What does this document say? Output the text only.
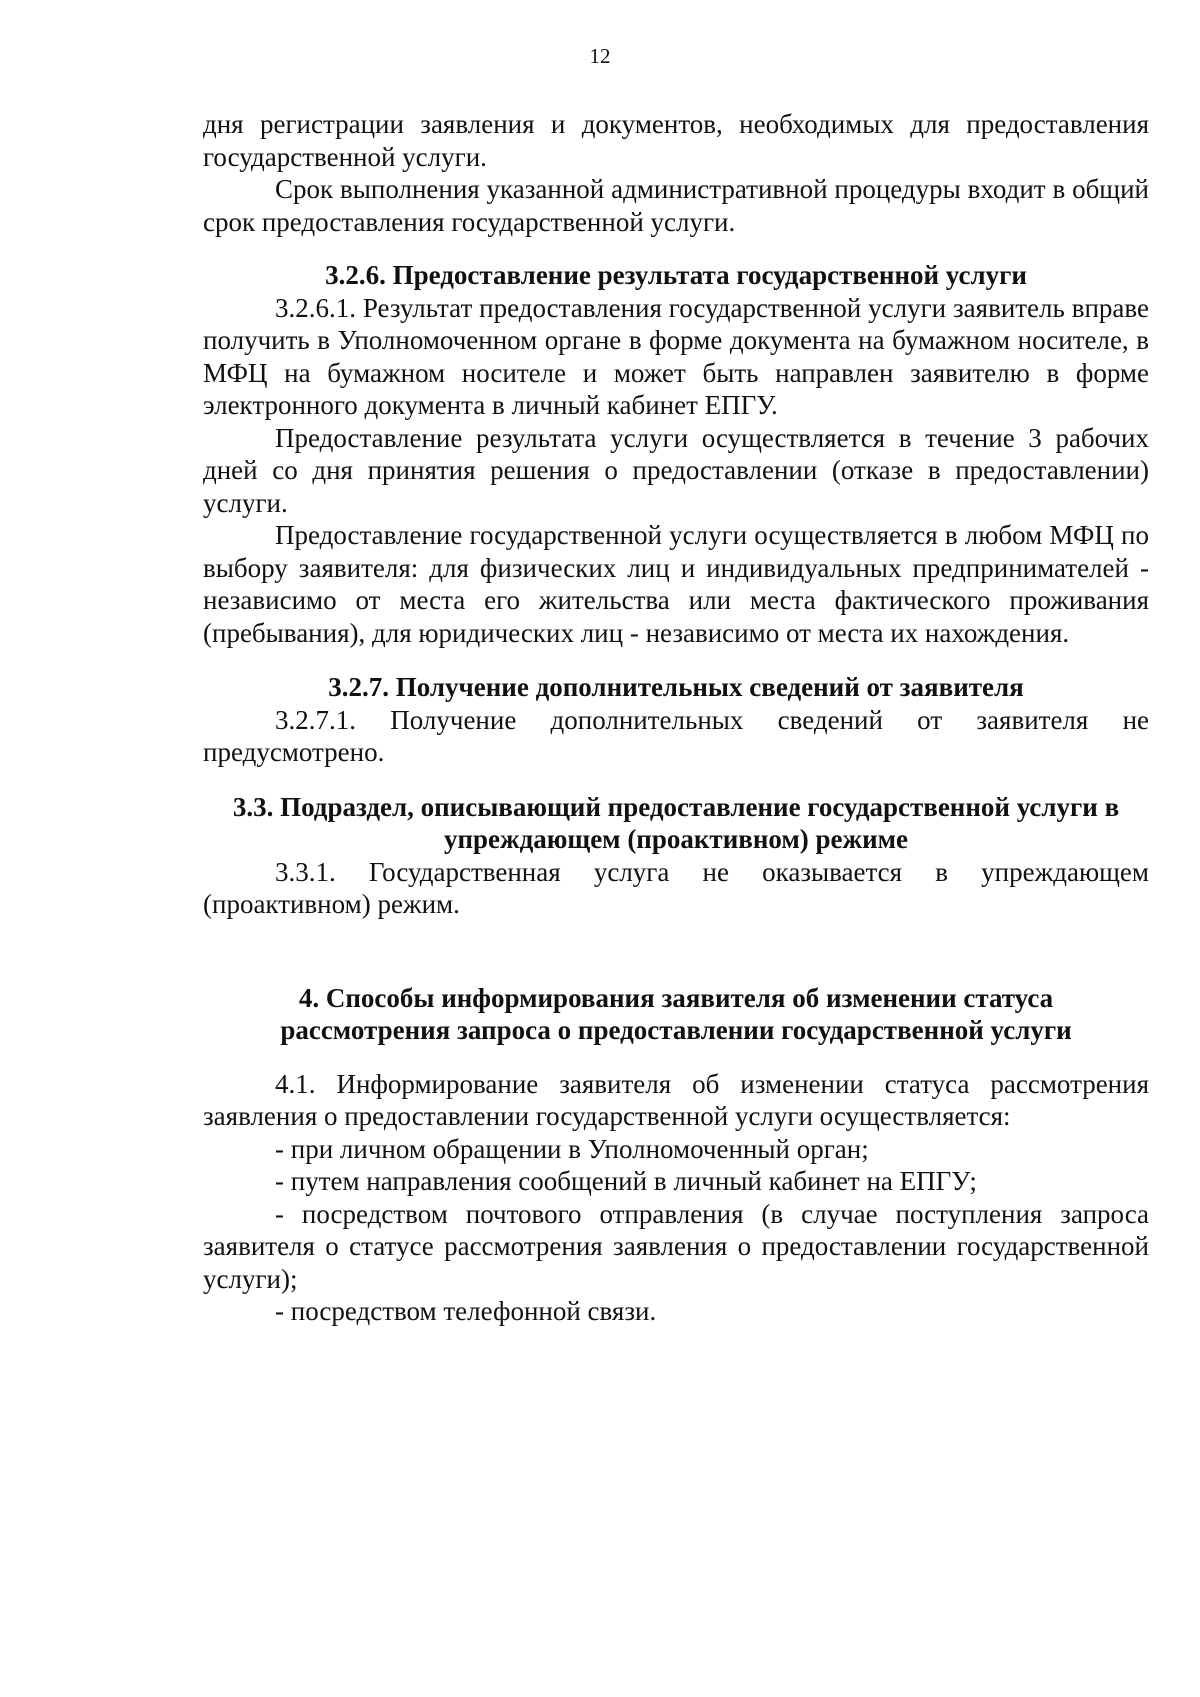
12

дня регистрации заявления и документов, необходимых для предоставления государственной услуги.

Срок выполнения указанной административной процедуры входит в общий срок предоставления государственной услуги.

3.2.6. Предоставление результата государственной услуги

3.2.6.1. Результат предоставления государственной услуги заявитель вправе получить в Уполномоченном органе в форме документа на бумажном носителе, в МФЦ на бумажном носителе и может быть направлен заявителю в форме электронного документа в личный кабинет ЕПГУ.

Предоставление результата услуги осуществляется в течение 3 рабочих дней со дня принятия решения о предоставлении (отказе в предоставлении) услуги.

Предоставление государственной услуги осуществляется в любом МФЦ по выбору заявителя: для физических лиц и индивидуальных предпринимателей - независимо от места его жительства или места фактического проживания (пребывания), для юридических лиц - независимо от места их нахождения.

3.2.7. Получение дополнительных сведений от заявителя

3.2.7.1. Получение дополнительных сведений от заявителя не предусмотрено.

3.3. Подраздел, описывающий предоставление государственной услуги в
упреждающем (проактивном) режиме

3.3.1. Государственная услуга не оказывается в упреждающем (проактивном) режим.

4. Способы информирования заявителя об изменении статуса
рассмотрения запроса о предоставлении государственной услуги

4.1. Информирование заявителя об изменении статуса рассмотрения заявления о предоставлении государственной услуги осуществляется:

- при личном обращении в Уполномоченный орган;

- путем направления сообщений в личный кабинет на ЕПГУ;

- посредством почтового отправления (в случае поступления запроса заявителя о статусе рассмотрения заявления о предоставлении государственной услуги);

- посредством телефонной связи.
